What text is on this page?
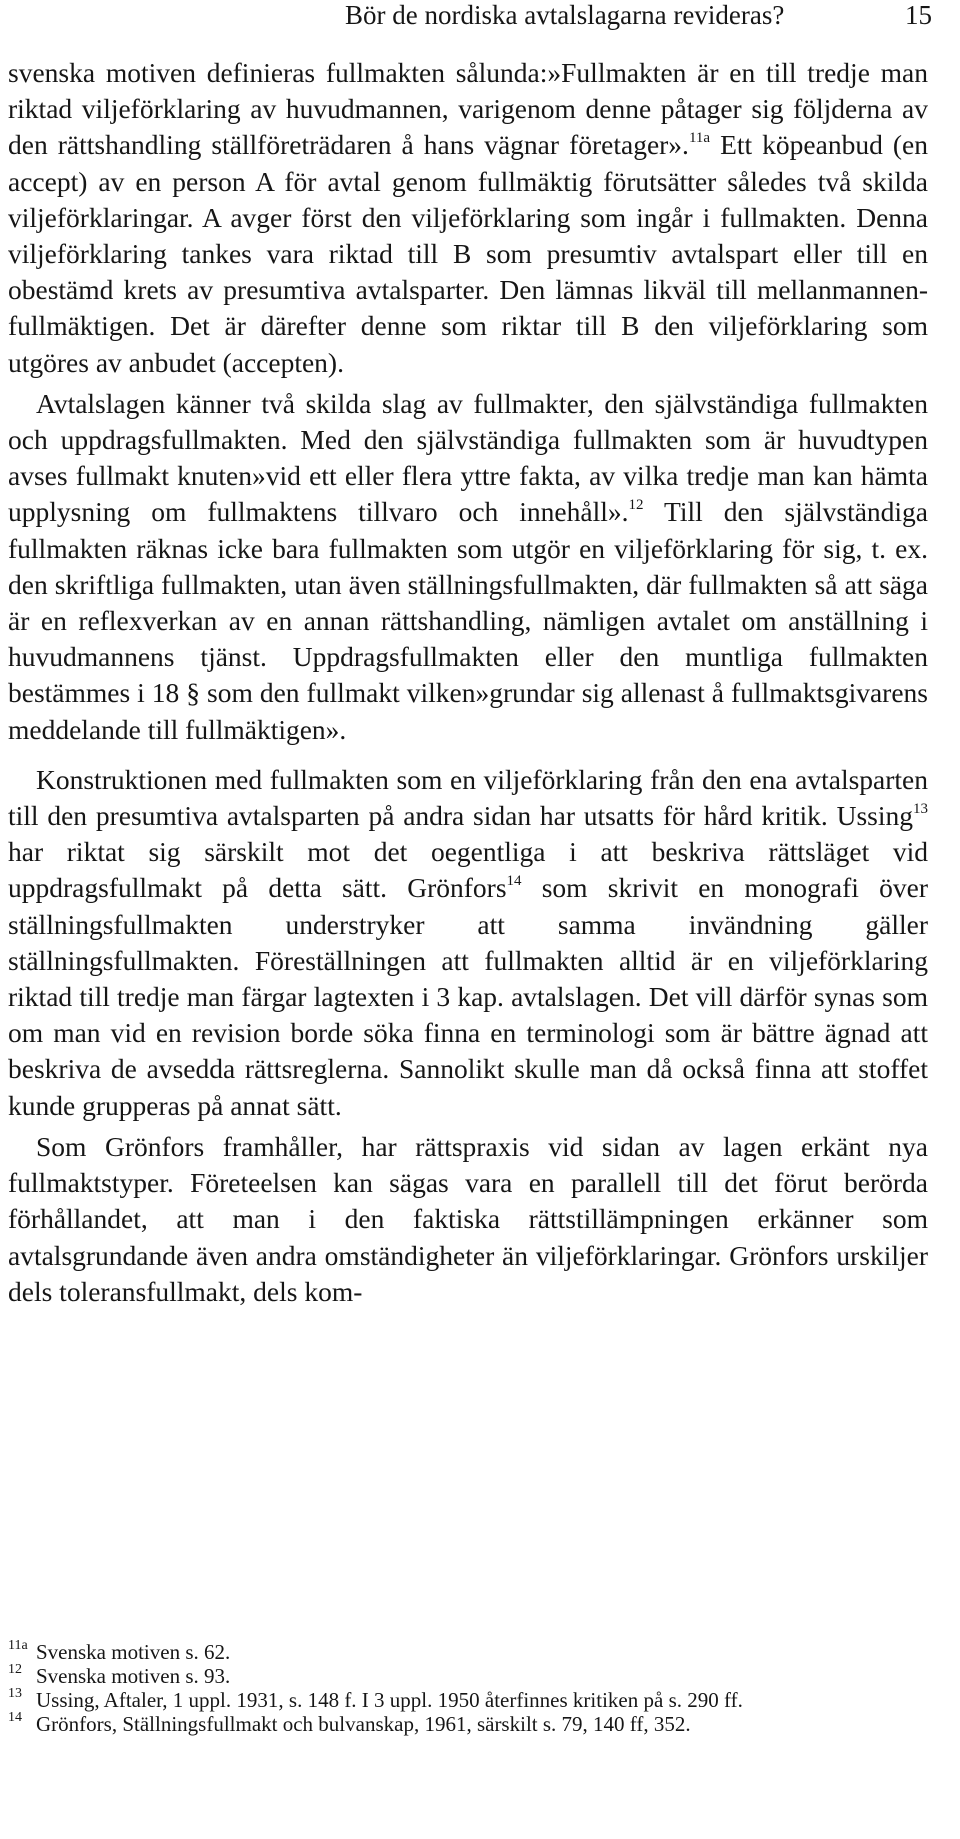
Bör de nordiska avtalslagarna revideras?	15

svenska motiven definieras fullmakten sålunda:»Fullmakten är en till tredje man riktad viljeförklaring av huvudmannen, varigenom denne påtager sig följderna av den rättshandling ställföreträdaren å hans vägnar företager».$^{11a}$ Ett köpeanbud (en accept) av en person A för avtal genom fullmäktig förutsätter således två skilda viljeförklaringar. A avger först den viljeförklaring som ingår i fullmakten. Denna viljeförklaring tankes vara riktad till B som presumtiv avtalspart eller till en obestämd krets av presumtiva avtalsparter. Den lämnas likväl till mellanmannen-fullmäktigen. Det är därefter denne som riktar till B den viljeförklaring som utgöres av anbudet (accepten).

Avtalslagen känner två skilda slag av fullmakter, den självständiga fullmakten och uppdragsfullmakten. Med den självständiga fullmakten som är huvudtypen avses fullmakt knuten»vid ett eller flera yttre fakta, av vilka tredje man kan hämta upplysning om fullmaktens tillvaro och innehåll».$^{12}$ Till den självständiga fullmakten räknas icke bara fullmakten som utgör en viljeförklaring för sig, t. ex. den skriftliga fullmakten, utan även ställningsfullmakten, där fullmakten så att säga är en reflexverkan av en annan rättshandling, nämligen avtalet om anställning i huvudmannens tjänst. Uppdragsfullmakten eller den muntliga fullmakten bestämmes i 18 § som den fullmakt vilken»grundar sig allenast å fullmaktsgivarens meddelande till fullmäktigen».

Konstruktionen med fullmakten som en viljeförklaring från den ena avtalsparten till den presumtiva avtalsparten på andra sidan har utsatts för hård kritik. Ussing$^{13}$ har riktat sig särskilt mot det oegentliga i att beskriva rättsläget vid uppdragsfullmakt på detta sätt. Grönfors$^{14}$ som skrivit en monografi över ställningsfullmakten understryker att samma invändning gäller ställningsfullmakten. Föreställningen att fullmakten alltid är en viljeförklaring riktad till tredje man färgar lagtexten i 3 kap. avtalslagen. Det vill därför synas som om man vid en revision borde söka finna en terminologi som är bättre ägnad att beskriva de avsedda rättsreglerna. Sannolikt skulle man då också finna att stoffet kunde grupperas på annat sätt.

Som Grönfors framhåller, har rättspraxis vid sidan av lagen erkänt nya fullmaktstyper. Företeelsen kan sägas vara en parallell till det förut berörda förhållandet, att man i den faktiska rättstillämpningen erkänner som avtalsgrundande även andra omständigheter än viljeförklaringar. Grönfors urskiljer dels toleransfullmakt, dels kom-

11a Svenska motiven s. 62.
12 Svenska motiven s. 93.
13 Ussing, Aftaler, 1 uppl. 1931, s. 148 f. I 3 uppl. 1950 återfinnes kritiken på s. 290 ff.
14 Grönfors, Ställningsfullmakt och bulvanskap, 1961, särskilt s. 79, 140 ff, 352.
